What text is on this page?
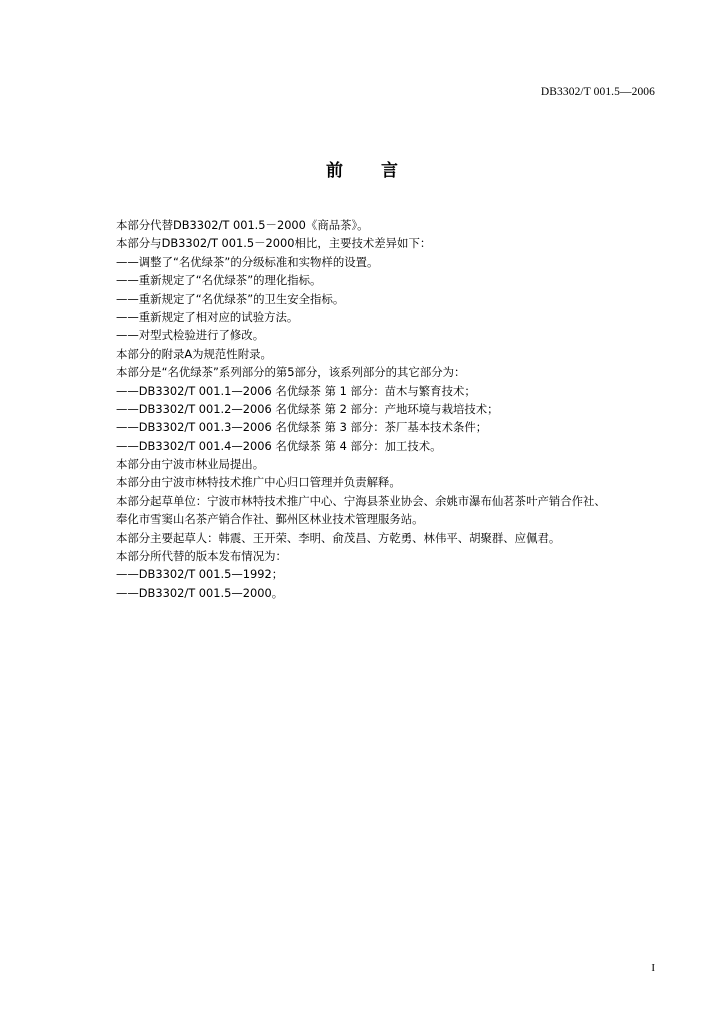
DB3302/T 001.5—2006
前言
本部分代替DB3302/T 001.5－2000《商品茶》。
本部分与DB3302/T 001.5－2000相比，主要技术差异如下：
——调整了“名优绿茶”的分级标准和实物样的设置。
——重新规定了“名优绿茶”的理化指标。
——重新规定了“名优绿茶”的卫生安全指标。
——重新规定了相对应的试验方法。
——对型式检验进行了修改。
本部分的附录A为规范性附录。
本部分是“名优绿茶”系列部分的第5部分，该系列部分的其它部分为：
——DB3302/T 001.1—2006 名优绿茶 第 1 部分：苗木与繁育技术；
——DB3302/T 001.2—2006 名优绿茶 第 2 部分：产地环境与栽培技术；
——DB3302/T 001.3—2006 名优绿茶 第 3 部分：茶厂基本技术条件；
——DB3302/T 001.4—2006 名优绿茶 第 4 部分：加工技术。
本部分由宁波市林业局提出。
本部分由宁波市林特技术推广中心归口管理并负责解释。
本部分起草单位：宁波市林特技术推广中心、宁海县茶业协会、余姚市瀑布仙茗茶叶产销合作社、
奉化市雪窦山名茶产销合作社、鄞州区林业技术管理服务站。
本部分主要起草人：韩震、王开荣、李明、俞茂昌、方乾勇、林伟平、胡聚群、应佩君。
本部分所代替的版本发布情况为：
——DB3302/T 001.5—1992；
——DB3302/T 001.5—2000。
I
